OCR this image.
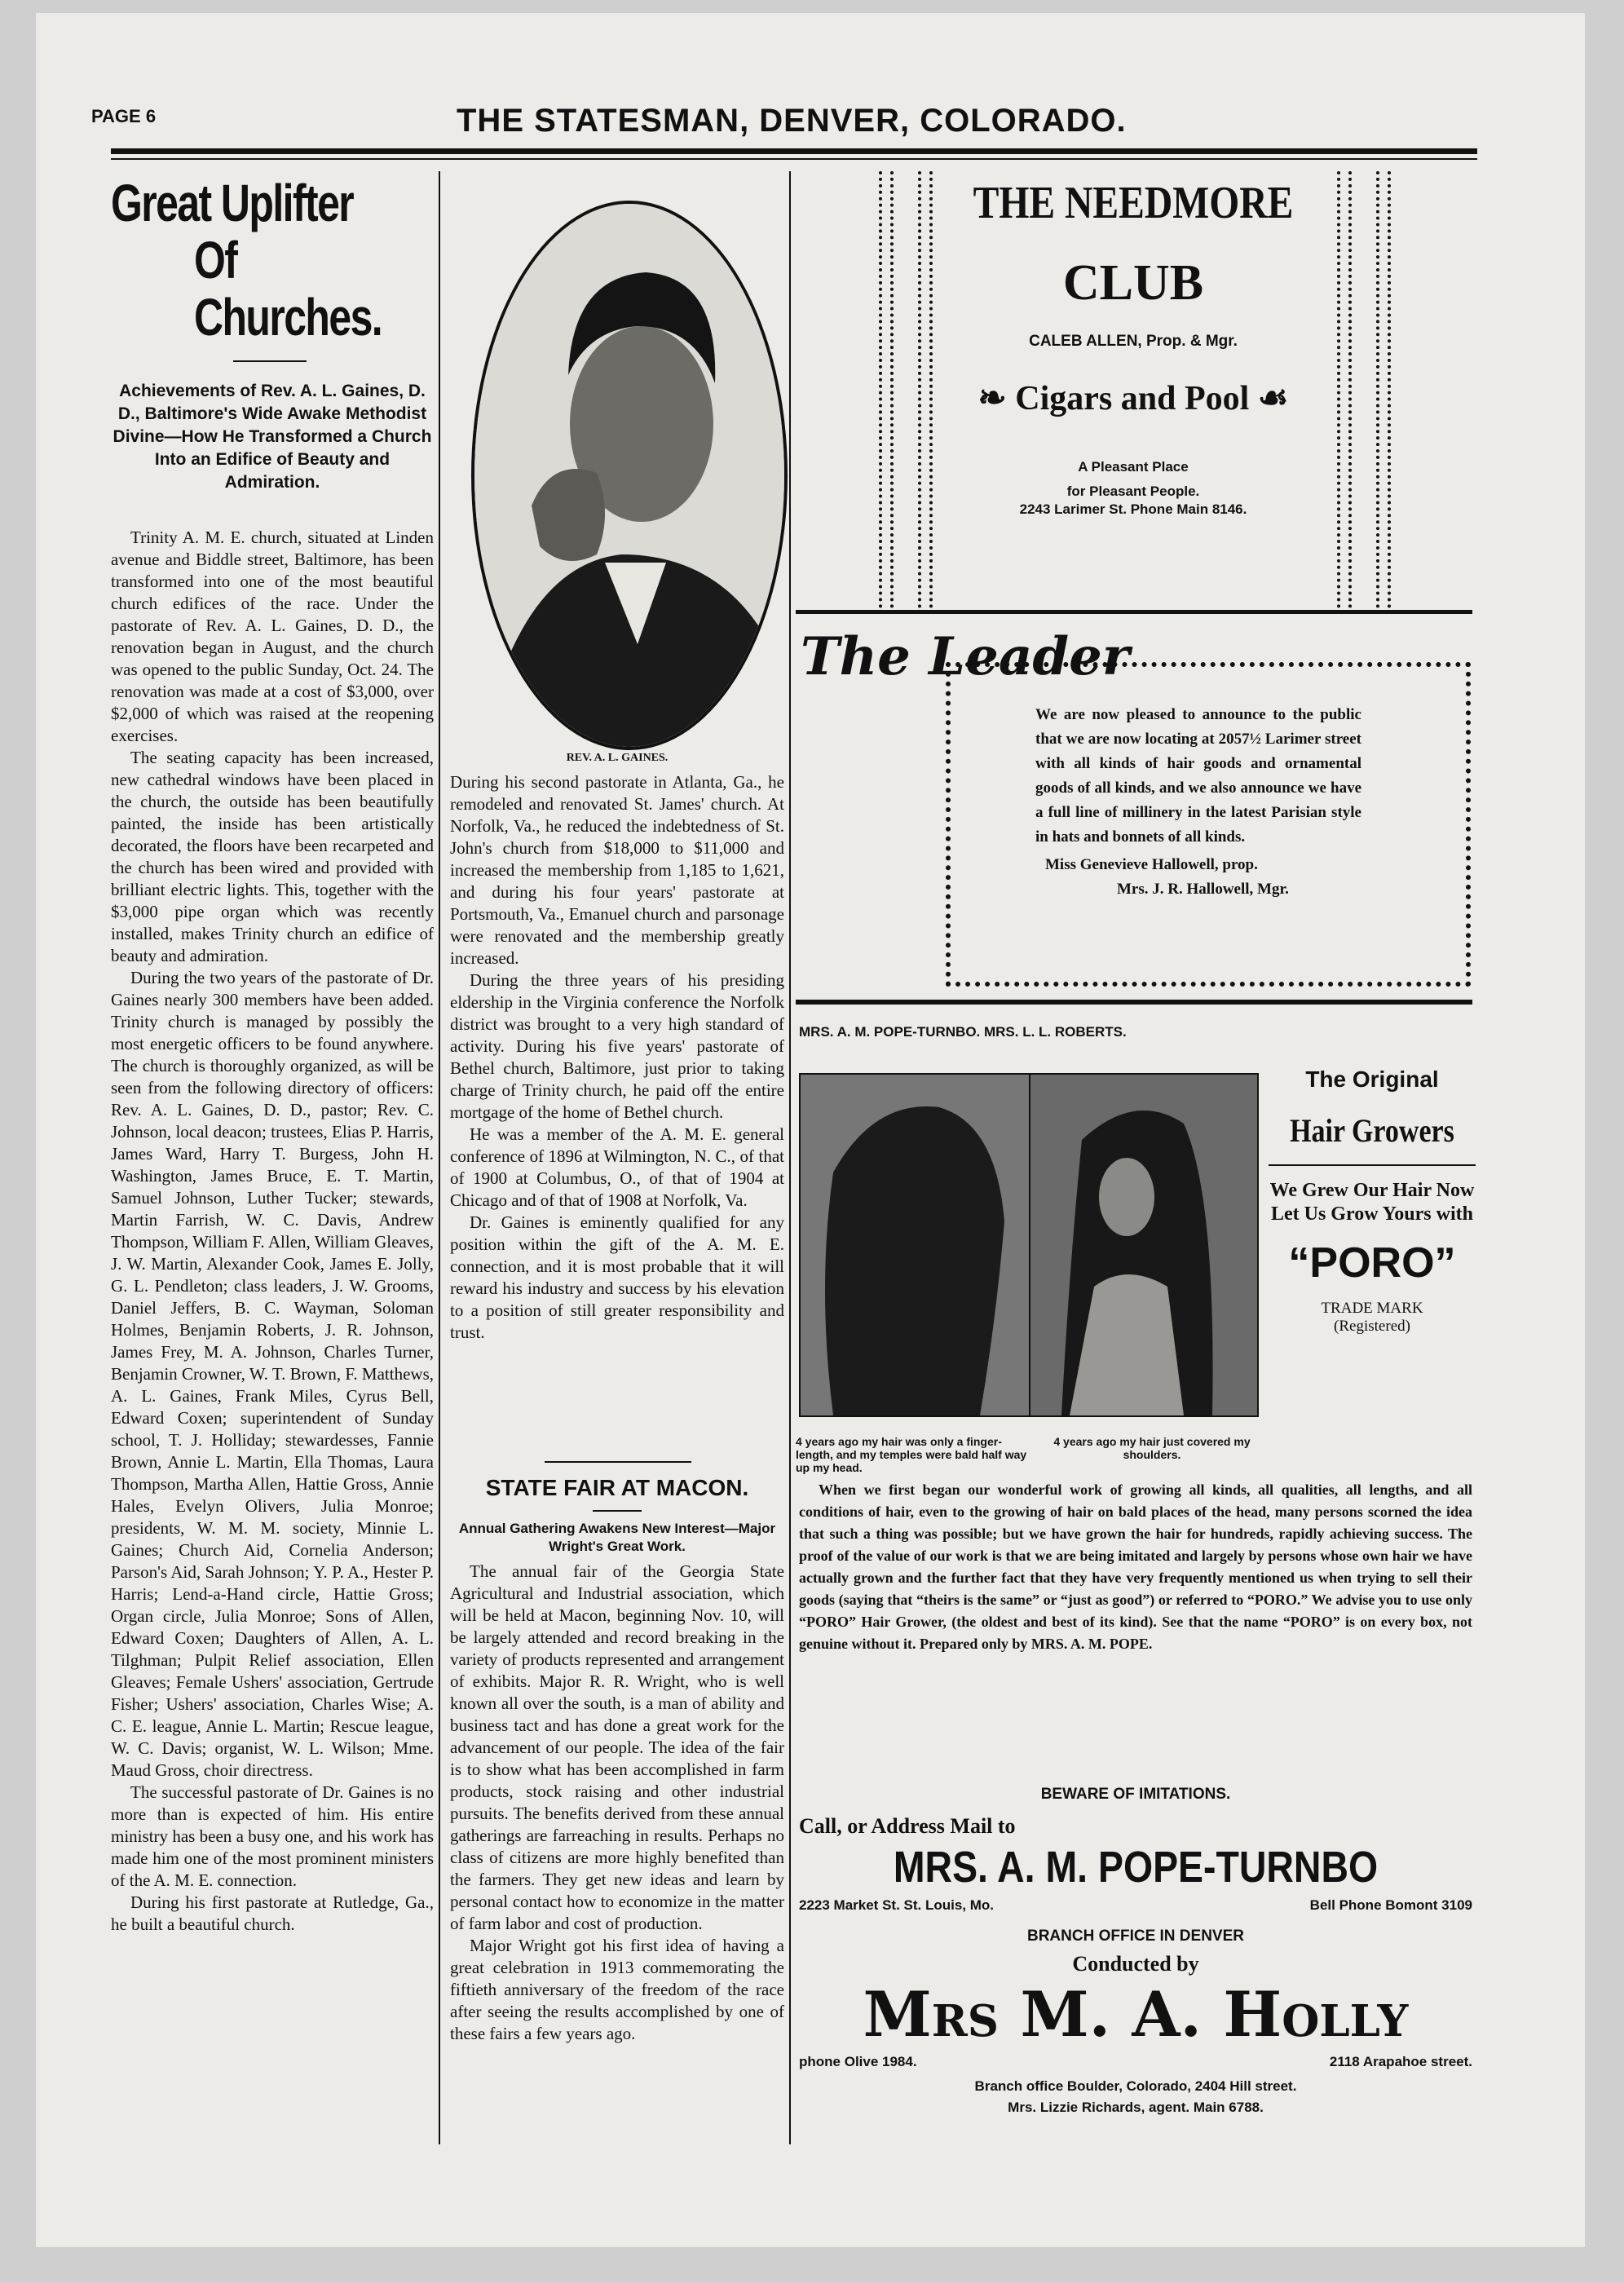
PAGE 6	THE STATESMAN, DENVER, COLORADO.
Great Uplifter
Of Churches.
Achievements of Rev. A. L. Gaines, D. D., Baltimore's Wide Awake Methodist Divine—How He Transformed a Church Into an Edifice of Beauty and Admiration.

Trinity A. M. E. church, situated at Linden avenue and Biddle street, Baltimore, has been transformed into one of the most beautiful church edifices of the race. Under the pastorate of Rev. A. L. Gaines, D. D., the renovation began in August, and the church was opened to the public Sunday, Oct. 24. The renovation was made at a cost of $3,000, over $2,000 of which was raised at the reopening exercises.

The seating capacity has been increased, new cathedral windows have been placed in the church, the outside has been beautifully painted, the inside has been artistically decorated, the floors have been recarpeted and the church has been wired and provided with brilliant electric lights. This, together with the $3,000 pipe organ which was recently installed, makes Trinity church an edifice of beauty and admiration.

During the two years of the pastorate of Dr. Gaines nearly 300 members have been added. Trinity church is managed by possibly the most energetic officers to be found anywhere. The church is thoroughly organized, as will be seen from the following directory of officers: Rev. A. L. Gaines, D. D., pastor; Rev. C. Johnson, local deacon; trustees, Elias P. Harris, James Ward, Harry T. Burgess, John H. Washington, James Bruce, E. T. Martin, Samuel Johnson, Luther Tucker; stewards, Martin Farrish, W. C. Davis, Andrew Thompson, William F. Allen, William Gleaves, J. W. Martin, Alexander Cook, James E. Jolly, G. L. Pendleton; class leaders, J. W. Grooms, Daniel Jeffers, B. C. Wayman, Soloman Holmes, Benjamin Roberts, J. R. Johnson, James Frey, M. A. Johnson, Charles Turner, Benjamin Crowner, W. T. Brown, F. Matthews, A. L. Gaines, Frank Miles, Cyrus Bell, Edward Coxen; superintendent of Sunday school, T. J. Holliday; stewardesses, Fannie Brown, Annie L. Martin, Ella Thomas, Laura Thompson, Martha Allen, Hattie Gross, Annie Hales, Evelyn Olivers, Julia Monroe; presidents, W. M. M. society, Minnie L. Gaines; Church Aid, Cornelia Anderson; Parson's Aid, Sarah Johnson; Y. P. A., Hester P. Harris; Lend-a-Hand circle, Hattie Gross; Organ circle, Julia Monroe; Sons of Allen, Edward Coxen; Daughters of Allen, A. L. Tilghman; Pulpit Relief association, Ellen Gleaves; Female Ushers' association, Gertrude Fisher; Ushers' association, Charles Wise; A. C. E. league, Annie L. Martin; Rescue league, W. C. Davis; organist, W. L. Wilson; Mme. Maud Gross, choir directress.

The successful pastorate of Dr. Gaines is no more than is expected of him. His entire ministry has been a busy one, and his work has made him one of the most prominent ministers of the A. M. E. connection.

During his first pastorate at Rutledge, Ga., he built a beautiful church.

REV. A. L. GAINES.

During his second pastorate in Atlanta, Ga., he remodeled and renovated St. James' church. At Norfolk, Va., he reduced the indebtedness of St. John's church from $18,000 to $11,000 and increased the membership from 1,185 to 1,621, and during his four years' pastorate at Portsmouth, Va., Emanuel church and parsonage were renovated and the membership greatly increased.

During the three years of his presiding eldership in the Virginia conference the Norfolk district was brought to a very high standard of activity. During his five years' pastorate of Bethel church, Baltimore, just prior to taking charge of Trinity church, he paid off the entire mortgage of the home of Bethel church.

He was a member of the A. M. E. general conference of 1896 at Wilmington, N. C., of that of 1900 at Columbus, O., of that of 1904 at Chicago and of that of 1908 at Norfolk, Va.

Dr. Gaines is eminently qualified for any position within the gift of the A. M. E. connection, and it is most probable that it will reward his industry and success by his elevation to a position of still greater responsibility and trust.

STATE FAIR AT MACON.
Annual Gathering Awakens New Interest—Major Wright's Great Work.

The annual fair of the Georgia State Agricultural and Industrial association, which will be held at Macon, beginning Nov. 10, will be largely attended and record breaking in the variety of products represented and arrangement of exhibits. Major R. R. Wright, who is well known all over the south, is a man of ability and business tact and has done a great work for the advancement of our people. The idea of the fair is to show what has been accomplished in farm products, stock raising and other industrial pursuits. The benefits derived from these annual gatherings are farreaching in results. Perhaps no class of citizens are more highly benefited than the farmers. They get new ideas and learn by personal contact how to economize in the matter of farm labor and cost of production.

Major Wright got his first idea of having a great celebration in 1913 commemorating the fiftieth anniversary of the freedom of the race after seeing the results accomplished by one of these fairs a few years ago.

THE NEEDMORE
CLUB
CALEB ALLEN, Prop. & Mgr.
❧ Cigars and Pool ☙
A Pleasant Place
for Pleasant People.
2243 Larimer St. Phone Main 8146.
The Leader
We are now pleased to announce to the public that we are now locating at 2057½ Larimer street with all kinds of hair goods and ornamental goods of all kinds, and we also announce we have a full line of millinery in the latest Parisian style in hats and bonnets of all kinds.
Miss Genevieve Hallowell, prop.
Mrs. J. R. Hallowell, Mgr.
MRS. A. M. POPE-TURNBO. MRS. L. L. ROBERTS.
4 years ago my hair was only a finger-length, and my temples were bald half way up my head.
4 years ago my hair just covered my shoulders.
The Original
Hair Growers
We Grew Our Hair Now Let Us Grow Yours with
“PORO”
TRADE MARK
(Registered)
When we first began our wonderful work of growing all kinds, all qualities, all lengths, and all conditions of hair, even to the growing of hair on bald places of the head, many persons scorned the idea that such a thing was possible; but we have grown the hair for hundreds, rapidly achieving success. The proof of the value of our work is that we are being imitated and largely by persons whose own hair we have actually grown and the further fact that they have very frequently mentioned us when trying to sell their goods (saying that “theirs is the same” or “just as good”) or referred to “PORO.” We advise you to use only “PORO” Hair Grower, (the oldest and best of its kind). See that the name “PORO” is on every box, not genuine without it. Prepared only by MRS. A. M. POPE.
BEWARE OF IMITATIONS.
Call, or Address Mail to
MRS. A. M. POPE-TURNBO
2223 Market St. St. Louis, Mo.	Bell Phone Bomont 3109
BRANCH OFFICE IN DENVER
Conducted by
Mrs M. A. Holly
phone Olive 1984.	2118 Arapahoe street.
Branch office Boulder, Colorado, 2404 Hill street.
Mrs. Lizzie Richards, agent. Main 6788.
